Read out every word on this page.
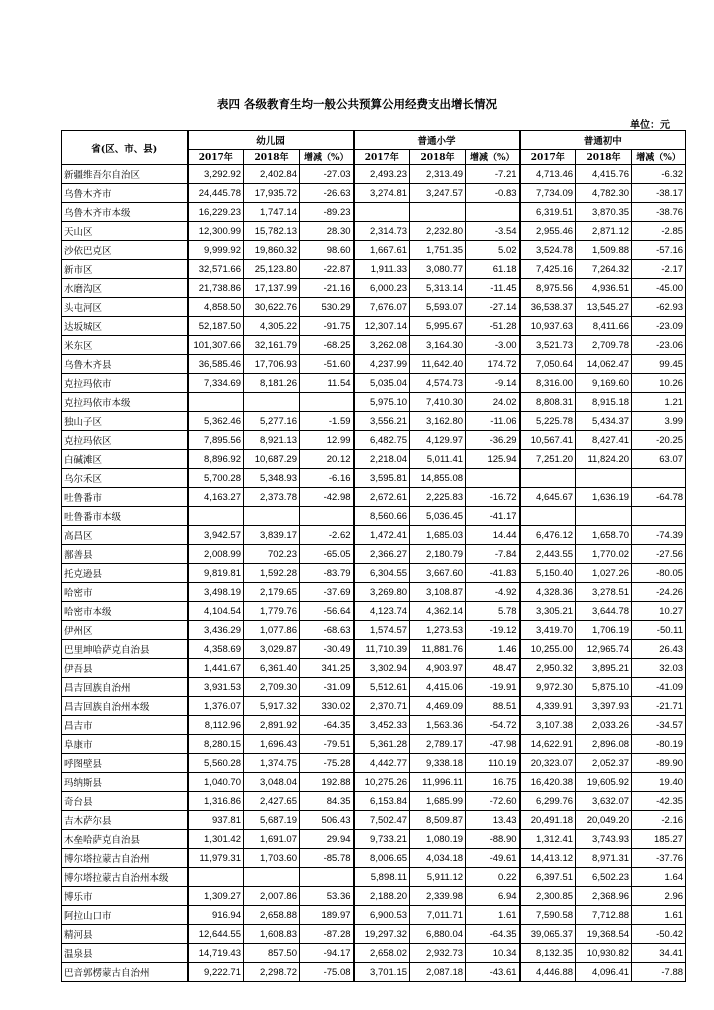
表四 各级教育生均一般公共预算公用经费支出增长情况
单位：元
省(区、市、县)	幼儿园			普通小学			普通初中		
	2017年	2018年	增减（%）	2017年	2018年	增减（%）	2017年	2018年	增减（%）
新疆维吾尔自治区	3,292.92	2,402.84	-27.03	2,493.23	2,313.49	-7.21	4,713.46	4,415.76	-6.32
乌鲁木齐市	24,445.78	17,935.72	-26.63	3,274.81	3,247.57	-0.83	7,734.09	4,782.30	-38.17
乌鲁木齐市本级	16,229.23	1,747.14	-89.23				6,319.51	3,870.35	-38.76
天山区	12,300.99	15,782.13	28.30	2,314.73	2,232.80	-3.54	2,955.46	2,871.12	-2.85
沙依巴克区	9,999.92	19,860.32	98.60	1,667.61	1,751.35	5.02	3,524.78	1,509.88	-57.16
新市区	32,571.66	25,123.80	-22.87	1,911.33	3,080.77	61.18	7,425.16	7,264.32	-2.17
水磨沟区	21,738.86	17,137.99	-21.16	6,000.23	5,313.14	-11.45	8,975.56	4,936.51	-45.00
头屯河区	4,858.50	30,622.76	530.29	7,676.07	5,593.07	-27.14	36,538.37	13,545.27	-62.93
达坂城区	52,187.50	4,305.22	-91.75	12,307.14	5,995.67	-51.28	10,937.63	8,411.66	-23.09
米东区	101,307.66	32,161.79	-68.25	3,262.08	3,164.30	-3.00	3,521.73	2,709.78	-23.06
乌鲁木齐县	36,585.46	17,706.93	-51.60	4,237.99	11,642.40	174.72	7,050.64	14,062.47	99.45
克拉玛依市	7,334.69	8,181.26	11.54	5,035.04	4,574.73	-9.14	8,316.00	9,169.60	10.26
克拉玛依市本级				5,975.10	7,410.30	24.02	8,808.31	8,915.18	1.21
独山子区	5,362.46	5,277.16	-1.59	3,556.21	3,162.80	-11.06	5,225.78	5,434.37	3.99
克拉玛依区	7,895.56	8,921.13	12.99	6,482.75	4,129.97	-36.29	10,567.41	8,427.41	-20.25
白碱滩区	8,896.92	10,687.29	20.12	2,218.04	5,011.41	125.94	7,251.20	11,824.20	63.07
乌尔禾区	5,700.28	5,348.93	-6.16	3,595.81	14,855.08				
吐鲁番市	4,163.27	2,373.78	-42.98	2,672.61	2,225.83	-16.72	4,645.67	1,636.19	-64.78
吐鲁番市本级				8,560.66	5,036.45	-41.17			
高昌区	3,942.57	3,839.17	-2.62	1,472.41	1,685.03	14.44	6,476.12	1,658.70	-74.39
鄯善县	2,008.99	702.23	-65.05	2,366.27	2,180.79	-7.84	2,443.55	1,770.02	-27.56
托克逊县	9,819.81	1,592.28	-83.79	6,304.55	3,667.60	-41.83	5,150.40	1,027.26	-80.05
哈密市	3,498.19	2,179.65	-37.69	3,269.80	3,108.87	-4.92	4,328.36	3,278.51	-24.26
哈密市本级	4,104.54	1,779.76	-56.64	4,123.74	4,362.14	5.78	3,305.21	3,644.78	10.27
伊州区	3,436.29	1,077.86	-68.63	1,574.57	1,273.53	-19.12	3,419.70	1,706.19	-50.11
巴里坤哈萨克自治县	4,358.69	3,029.87	-30.49	11,710.39	11,881.76	1.46	10,255.00	12,965.74	26.43
伊吾县	1,441.67	6,361.40	341.25	3,302.94	4,903.97	48.47	2,950.32	3,895.21	32.03
昌吉回族自治州	3,931.53	2,709.30	-31.09	5,512.61	4,415.06	-19.91	9,972.30	5,875.10	-41.09
昌吉回族自治州本级	1,376.07	5,917.32	330.02	2,370.71	4,469.09	88.51	4,339.91	3,397.93	-21.71
昌吉市	8,112.96	2,891.92	-64.35	3,452.33	1,563.36	-54.72	3,107.38	2,033.26	-34.57
阜康市	8,280.15	1,696.43	-79.51	5,361.28	2,789.17	-47.98	14,622.91	2,896.08	-80.19
呼图壁县	5,560.28	1,374.75	-75.28	4,442.77	9,338.18	110.19	20,323.07	2,052.37	-89.90
玛纳斯县	1,040.70	3,048.04	192.88	10,275.26	11,996.11	16.75	16,420.38	19,605.92	19.40
奇台县	1,316.86	2,427.65	84.35	6,153.84	1,685.99	-72.60	6,299.76	3,632.07	-42.35
吉木萨尔县	937.81	5,687.19	506.43	7,502.47	8,509.87	13.43	20,491.18	20,049.20	-2.16
木垒哈萨克自治县	1,301.42	1,691.07	29.94	9,733.21	1,080.19	-88.90	1,312.41	3,743.93	185.27
博尔塔拉蒙古自治州	11,979.31	1,703.60	-85.78	8,006.65	4,034.18	-49.61	14,413.12	8,971.31	-37.76
博尔塔拉蒙古自治州本级				5,898.11	5,911.12	0.22	6,397.51	6,502.23	1.64
博乐市	1,309.27	2,007.86	53.36	2,188.20	2,339.98	6.94	2,300.85	2,368.96	2.96
阿拉山口市	916.94	2,658.88	189.97	6,900.53	7,011.71	1.61	7,590.58	7,712.88	1.61
精河县	12,644.55	1,608.83	-87.28	19,297.32	6,880.04	-64.35	39,065.37	19,368.54	-50.42
温泉县	14,719.43	857.50	-94.17	2,658.02	2,932.73	10.34	8,132.35	10,930.82	34.41
巴音郭楞蒙古自治州	9,222.71	2,298.72	-75.08	3,701.15	2,087.18	-43.61	4,446.88	4,096.41	-7.88
